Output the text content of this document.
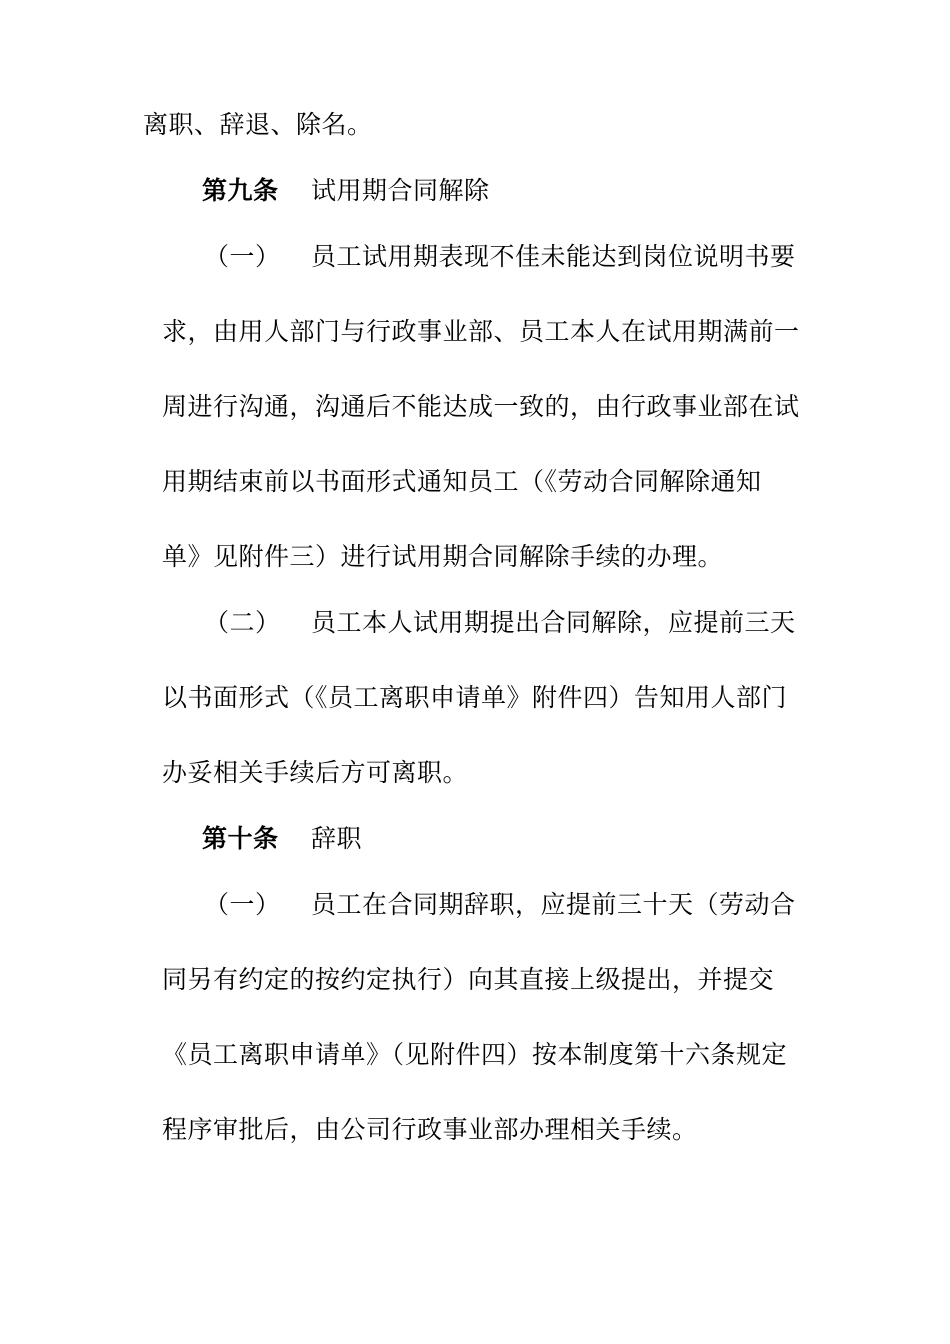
离职、辞退、除名。
第九条 试用期合同解除
（一） 员工试用期表现不佳未能达到岗位说明书要
求，由用人部门与行政事业部、员工本人在试用期满前一
周进行沟通，沟通后不能达成一致的，由行政事业部在试
用期结束前以书面形式通知员工（《劳动合同解除通知
单》见附件三）进行试用期合同解除手续的办理。
（二） 员工本人试用期提出合同解除，应提前三天
以书面形式（《员工离职申请单》附件四）告知用人部门
办妥相关手续后方可离职。
第十条 辞职
（一） 员工在合同期辞职，应提前三十天（劳动合
同另有约定的按约定执行）向其直接上级提出，并提交
《员工离职申请单》（见附件四）按本制度第十六条规定
程序审批后，由公司行政事业部办理相关手续。
